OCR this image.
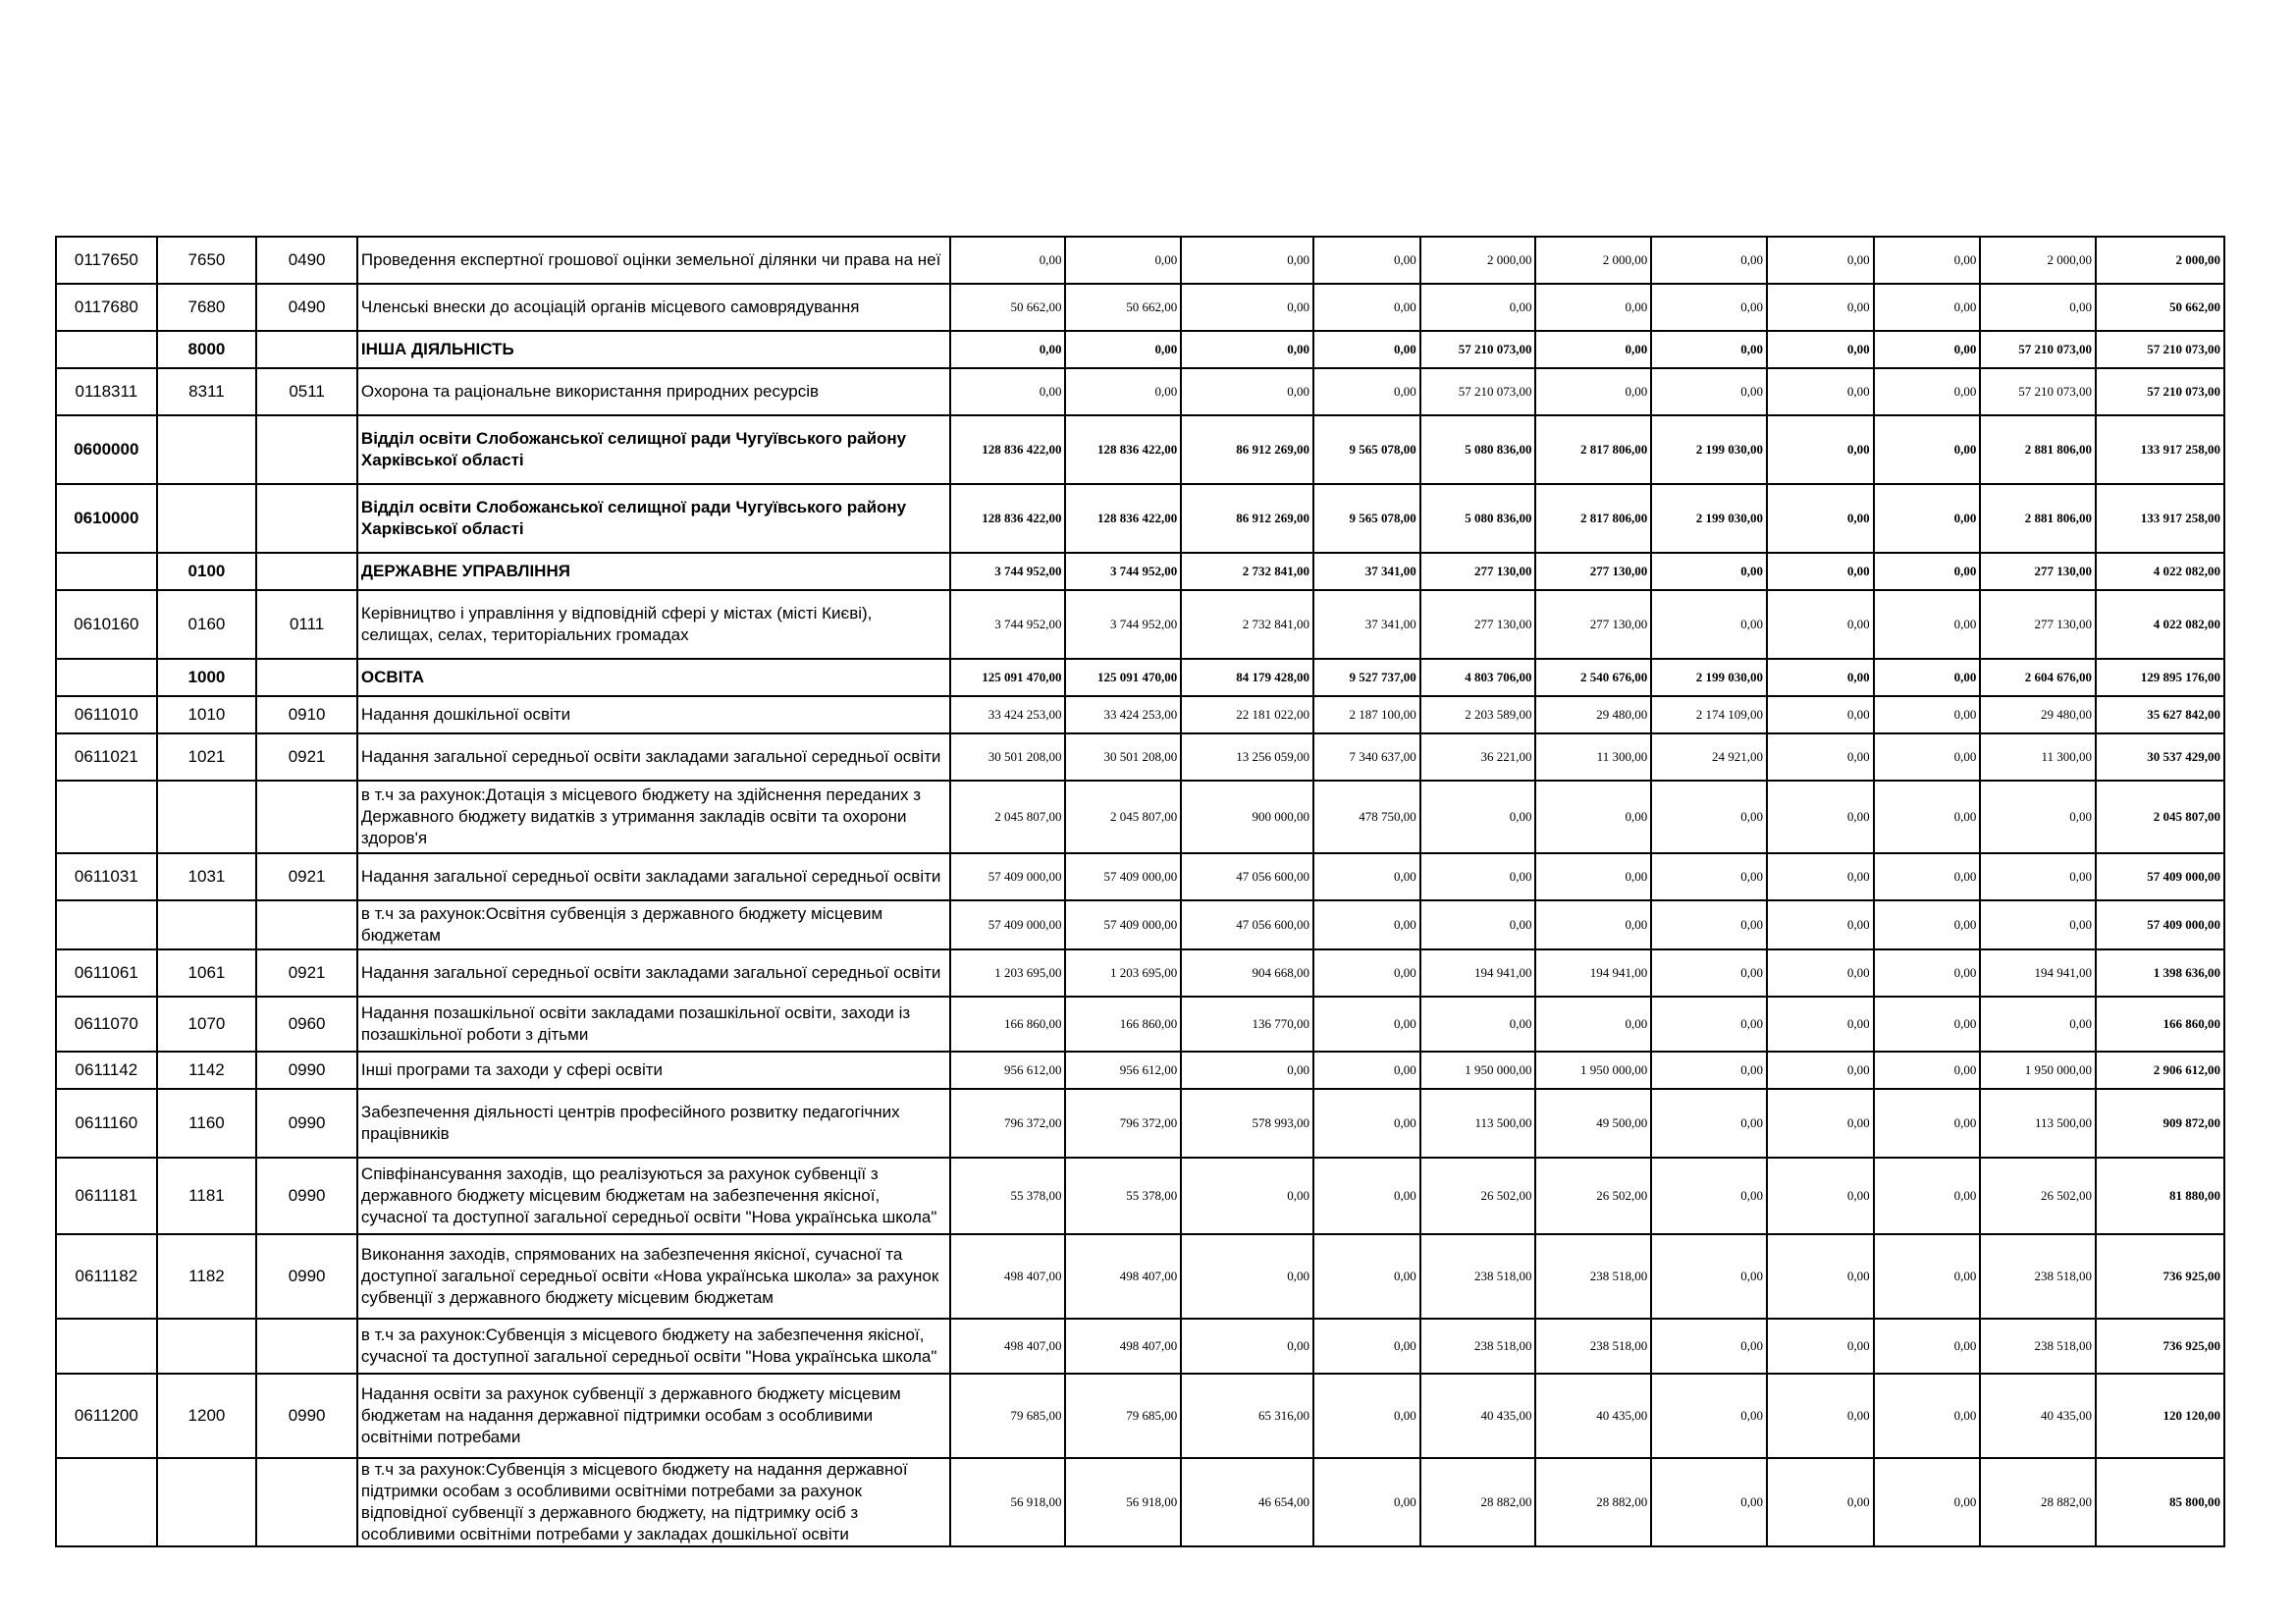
0117650	7650	0490	Проведення експертної грошової оцінки земельної ділянки чи права на неї	0,00	0,00	0,00	0,00	2 000,00	2 000,00	0,00	0,00	0,00	2 000,00	2 000,00
0117680	7680	0490	Членські внески до асоціацій органів місцевого самоврядування	50 662,00	50 662,00	0,00	0,00	0,00	0,00	0,00	0,00	0,00	0,00	50 662,00
	8000		ІНША ДІЯЛЬНІСТЬ	0,00	0,00	0,00	0,00	57 210 073,00	0,00	0,00	0,00	0,00	57 210 073,00	57 210 073,00
0118311	8311	0511	Охорона та раціональне використання природних ресурсів	0,00	0,00	0,00	0,00	57 210 073,00	0,00	0,00	0,00	0,00	57 210 073,00	57 210 073,00
0600000			Відділ освіти Слобожанської селищної ради Чугуївського району Харківської області	128 836 422,00	128 836 422,00	86 912 269,00	9 565 078,00	5 080 836,00	2 817 806,00	2 199 030,00	0,00	0,00	2 881 806,00	133 917 258,00
0610000			Відділ освіти Слобожанської селищної ради Чугуївського району Харківської області	128 836 422,00	128 836 422,00	86 912 269,00	9 565 078,00	5 080 836,00	2 817 806,00	2 199 030,00	0,00	0,00	2 881 806,00	133 917 258,00
	0100		ДЕРЖАВНЕ УПРАВЛІННЯ	3 744 952,00	3 744 952,00	2 732 841,00	37 341,00	277 130,00	277 130,00	0,00	0,00	0,00	277 130,00	4 022 082,00
0610160	0160	0111	Керівництво і управління у відповідній сфері у містах (місті Києві), селищах, селах, територіальних громадах	3 744 952,00	3 744 952,00	2 732 841,00	37 341,00	277 130,00	277 130,00	0,00	0,00	0,00	277 130,00	4 022 082,00
	1000		ОСВІТА	125 091 470,00	125 091 470,00	84 179 428,00	9 527 737,00	4 803 706,00	2 540 676,00	2 199 030,00	0,00	0,00	2 604 676,00	129 895 176,00
0611010	1010	0910	Надання дошкільної освіти	33 424 253,00	33 424 253,00	22 181 022,00	2 187 100,00	2 203 589,00	29 480,00	2 174 109,00	0,00	0,00	29 480,00	35 627 842,00
0611021	1021	0921	Надання загальної середньої освіти закладами загальної середньої освіти	30 501 208,00	30 501 208,00	13 256 059,00	7 340 637,00	36 221,00	11 300,00	24 921,00	0,00	0,00	11 300,00	30 537 429,00
			в т.ч за рахунок:Дотація з місцевого бюджету на здійснення переданих з Державного бюджету видатків з утримання закладів освіти та охорони здоров'я	2 045 807,00	2 045 807,00	900 000,00	478 750,00	0,00	0,00	0,00	0,00	0,00	0,00	2 045 807,00
0611031	1031	0921	Надання загальної середньої освіти закладами загальної середньої освіти	57 409 000,00	57 409 000,00	47 056 600,00	0,00	0,00	0,00	0,00	0,00	0,00	0,00	57 409 000,00
			в т.ч за рахунок:Освітня субвенція з державного бюджету місцевим бюджетам	57 409 000,00	57 409 000,00	47 056 600,00	0,00	0,00	0,00	0,00	0,00	0,00	0,00	57 409 000,00
0611061	1061	0921	Надання загальної середньої освіти закладами загальної середньої освіти	1 203 695,00	1 203 695,00	904 668,00	0,00	194 941,00	194 941,00	0,00	0,00	0,00	194 941,00	1 398 636,00
0611070	1070	0960	Надання позашкільної освіти закладами позашкільної освіти, заходи із позашкільної роботи з дітьми	166 860,00	166 860,00	136 770,00	0,00	0,00	0,00	0,00	0,00	0,00	0,00	166 860,00
0611142	1142	0990	Інші програми та заходи у сфері освіти	956 612,00	956 612,00	0,00	0,00	1 950 000,00	1 950 000,00	0,00	0,00	0,00	1 950 000,00	2 906 612,00
0611160	1160	0990	Забезпечення діяльності центрів професійного розвитку педагогічних працівників	796 372,00	796 372,00	578 993,00	0,00	113 500,00	49 500,00	0,00	0,00	0,00	113 500,00	909 872,00
0611181	1181	0990	Співфінансування заходів, що реалізуються за рахунок субвенції з державного бюджету місцевим бюджетам на забезпечення якісної, сучасної та доступної загальної середньої освіти "Нова українська школа"	55 378,00	55 378,00	0,00	0,00	26 502,00	26 502,00	0,00	0,00	0,00	26 502,00	81 880,00
0611182	1182	0990	Виконання заходів, спрямованих на забезпечення якісної, сучасної та доступної загальної середньої освіти «Нова українська школа» за рахунок субвенції з державного бюджету місцевим бюджетам	498 407,00	498 407,00	0,00	0,00	238 518,00	238 518,00	0,00	0,00	0,00	238 518,00	736 925,00
			в т.ч за рахунок:Субвенція з місцевого бюджету на забезпечення якісної, сучасної та доступної загальної середньої освіти "Нова українська школа"	498 407,00	498 407,00	0,00	0,00	238 518,00	238 518,00	0,00	0,00	0,00	238 518,00	736 925,00
0611200	1200	0990	Надання освіти за рахунок субвенції з державного бюджету місцевим бюджетам на надання державної підтримки особам з особливими освітніми потребами	79 685,00	79 685,00	65 316,00	0,00	40 435,00	40 435,00	0,00	0,00	0,00	40 435,00	120 120,00
			в т.ч за рахунок:Субвенція з місцевого бюджету на надання державної підтримки особам з особливими освітніми потребами за рахунок відповідної субвенції з державного бюджету, на підтримку осіб з особливими освітніми потребами у закладах дошкільної освіти	56 918,00	56 918,00	46 654,00	0,00	28 882,00	28 882,00	0,00	0,00	0,00	28 882,00	85 800,00
